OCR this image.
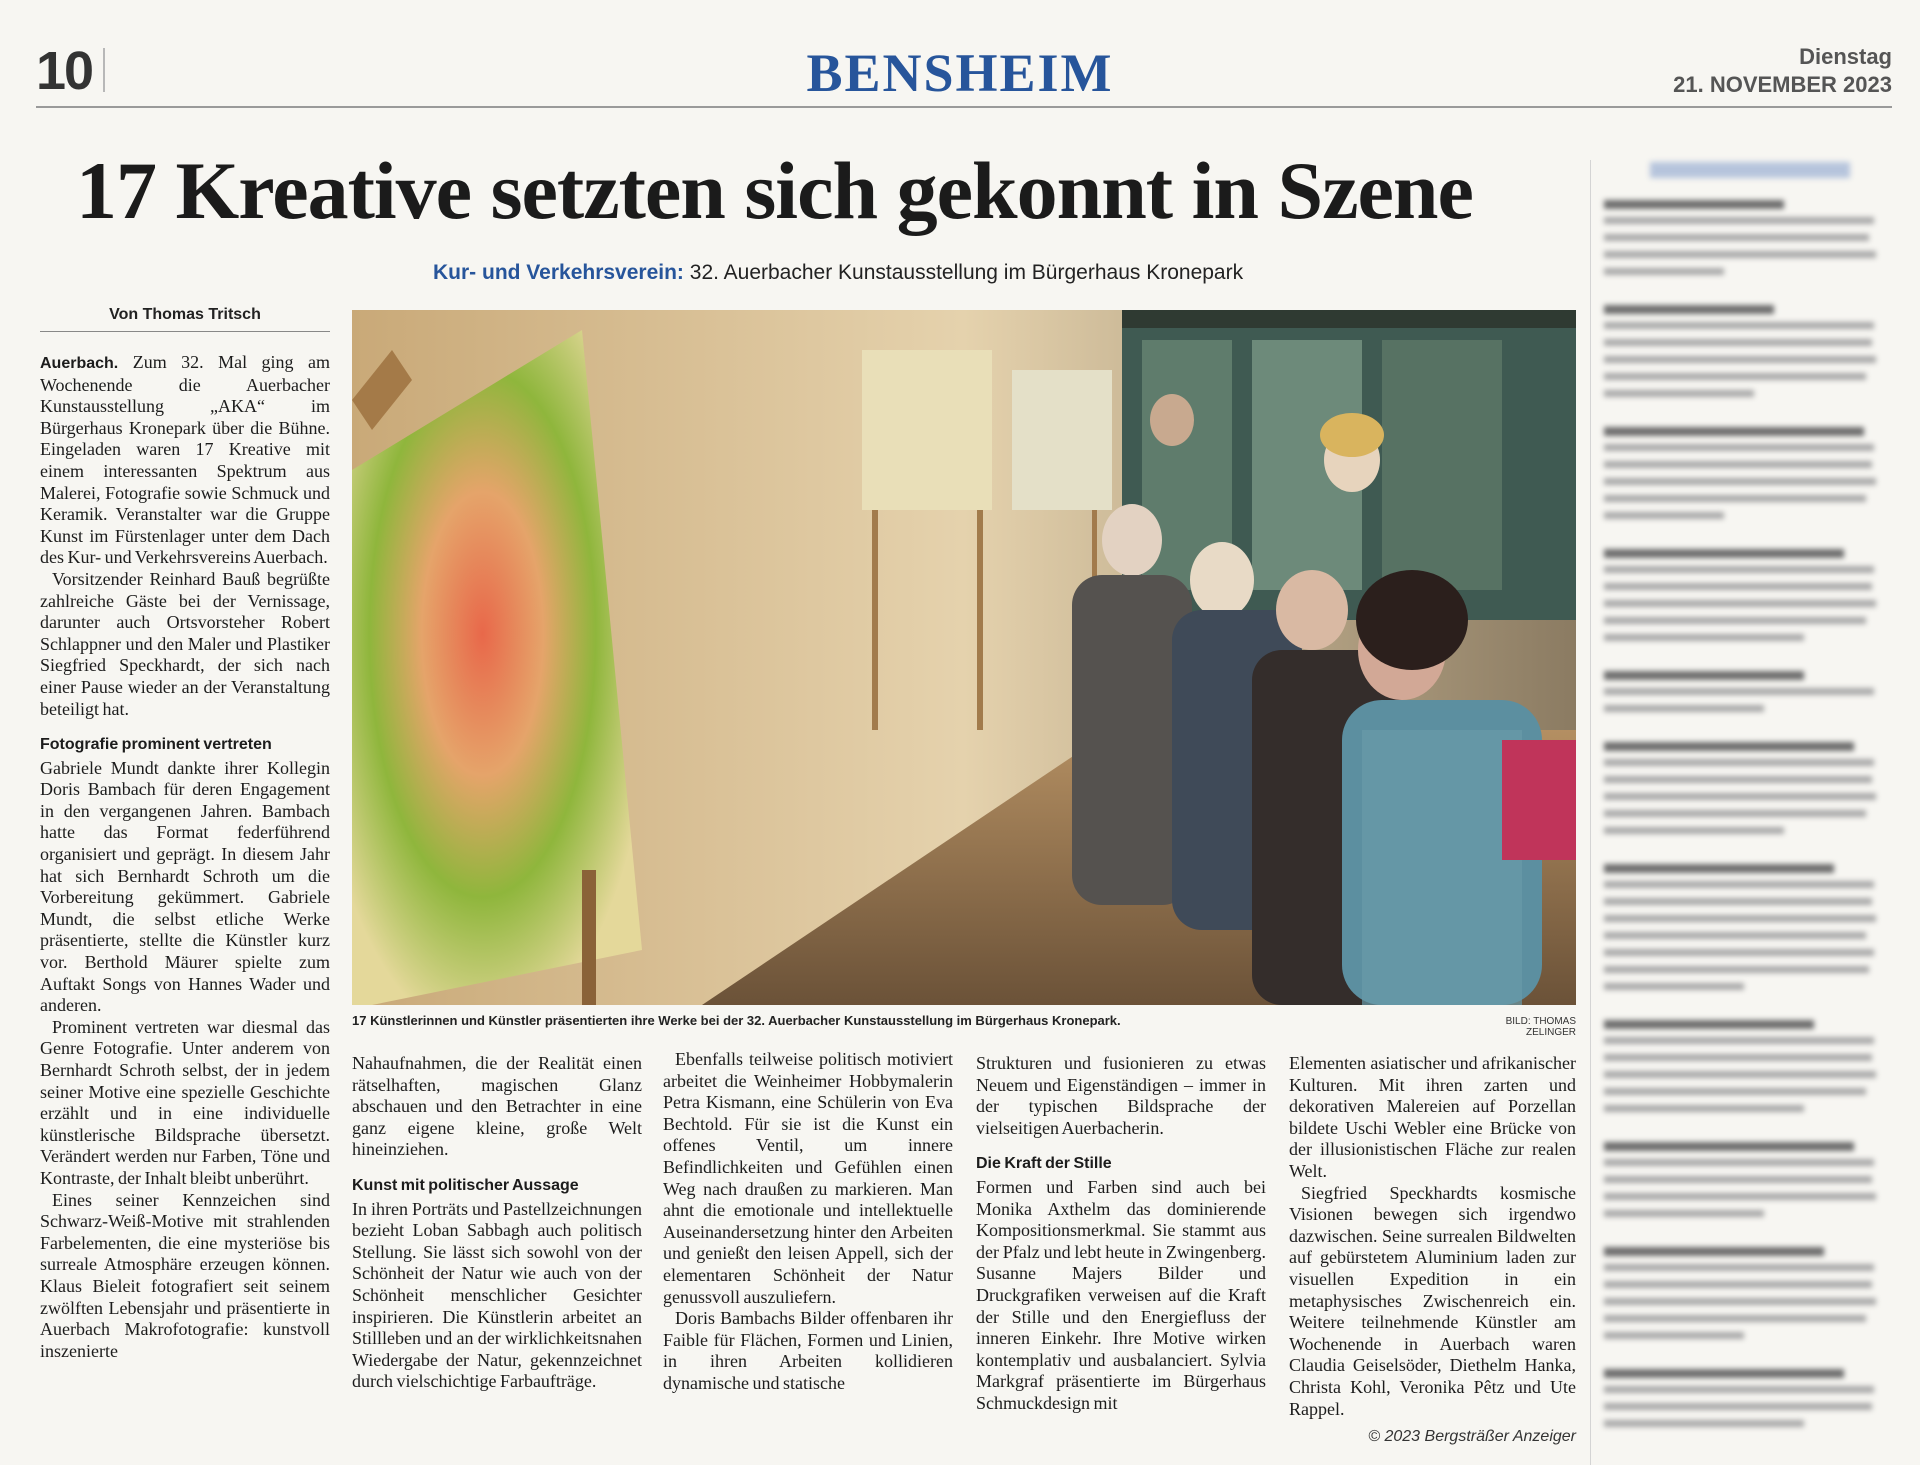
10	BENSHEIM	Dienstag
21. NOVEMBER 2023
17 Kreative setzten sich gekonnt in Szene
Kur- und Verkehrsverein: 32. Auerbacher Kunstausstellung im Bürgerhaus Kronepark
Von Thomas Tritsch
17 Künstlerinnen und Künstler präsentierten ihre Werke bei der 32. Auerbacher Kunstausstellung im Bürgerhaus Kronepark.	BILD: THOMAS ZELINGER

Auerbach. Zum 32. Mal ging am Wochenende die Auerbacher Kunstausstellung „AKA“ im Bürgerhaus Kronepark über die Bühne. Eingeladen waren 17 Kreative mit einem interessanten Spektrum aus Malerei, Fotografie sowie Schmuck und Keramik. Veranstalter war die Gruppe Kunst im Fürstenlager unter dem Dach des Kur- und Verkehrsvereins Auerbach.

Vorsitzender Reinhard Bauß begrüßte zahlreiche Gäste bei der Vernissage, darunter auch Ortsvorsteher Robert Schlappner und den Maler und Plastiker Siegfried Speckhardt, der sich nach einer Pause wieder an der Veranstaltung beteiligt hat.

Fotografie prominent vertreten

Gabriele Mundt dankte ihrer Kollegin Doris Bambach für deren Engagement in den vergangenen Jahren. Bambach hatte das Format federführend organisiert und geprägt. In diesem Jahr hat sich Bernhardt Schroth um die Vorbereitung gekümmert. Gabriele Mundt, die selbst etliche Werke präsentierte, stellte die Künstler kurz vor. Berthold Mäurer spielte zum Auftakt Songs von Hannes Wader und anderen.

Prominent vertreten war diesmal das Genre Fotografie. Unter anderem von Bernhardt Schroth selbst, der in jedem seiner Motive eine spezielle Geschichte erzählt und in eine individuelle künstlerische Bildsprache übersetzt. Verändert werden nur Farben, Töne und Kontraste, der Inhalt bleibt unberührt.

Eines seiner Kennzeichen sind Schwarz-Weiß-Motive mit strahlenden Farbelementen, die eine mysteriöse bis surreale Atmosphäre erzeugen können. Klaus Bieleit fotografiert seit seinem zwölften Lebensjahr und präsentierte in Auerbach Makrofotografie: kunstvoll inszenierte

Nahaufnahmen, die der Realität einen rätselhaften, magischen Glanz abschauen und den Betrachter in eine ganz eigene kleine, große Welt hineinziehen.

Kunst mit politischer Aussage

In ihren Porträts und Pastellzeichnungen bezieht Loban Sabbagh auch politisch Stellung. Sie lässt sich sowohl von der Schönheit der Natur wie auch von der Schönheit menschlicher Gesichter inspirieren. Die Künstlerin arbeitet an Stillleben und an der wirklichkeitsnahen Wiedergabe der Natur, gekennzeichnet durch vielschichtige Farbaufträge.

Ebenfalls teilweise politisch motiviert arbeitet die Weinheimer Hobbymalerin Petra Kismann, eine Schülerin von Eva Bechtold. Für sie ist die Kunst ein offenes Ventil, um innere Befindlichkeiten und Gefühlen einen Weg nach draußen zu markieren. Man ahnt die emotionale und intellektuelle Auseinandersetzung hinter den Arbeiten und genießt den leisen Appell, sich der elementaren Schönheit der Natur genussvoll auszuliefern.

Doris Bambachs Bilder offenbaren ihr Faible für Flächen, Formen und Linien, in ihren Arbeiten kollidieren dynamische und statische

Strukturen und fusionieren zu etwas Neuem und Eigenständigen – immer in der typischen Bildsprache der vielseitigen Auerbacherin.

Die Kraft der Stille

Formen und Farben sind auch bei Monika Axthelm das dominierende Kompositionsmerkmal. Sie stammt aus der Pfalz und lebt heute in Zwingenberg. Susanne Majers Bilder und Druckgrafiken verweisen auf die Kraft der Stille und den Energiefluss der inneren Einkehr. Ihre Motive wirken kontemplativ und ausbalanciert. Sylvia Markgraf präsentierte im Bürgerhaus Schmuckdesign mit

Elementen asiatischer und afrikanischer Kulturen. Mit ihren zarten und dekorativen Malereien auf Porzellan bildete Uschi Webler eine Brücke von der illusionistischen Fläche zur realen Welt.

Siegfried Speckhardts kosmische Visionen bewegen sich irgendwo dazwischen. Seine surrealen Bildwelten auf gebürstetem Aluminium laden zur visuellen Expedition in ein metaphysisches Zwischenreich ein. Weitere teilnehmende Künstler am Wochenende in Auerbach waren Claudia Geiselsöder, Diethelm Hanka, Christa Kohl, Veronika Pêtz und Ute Rappel.

© 2023 Bergsträßer Anzeiger
